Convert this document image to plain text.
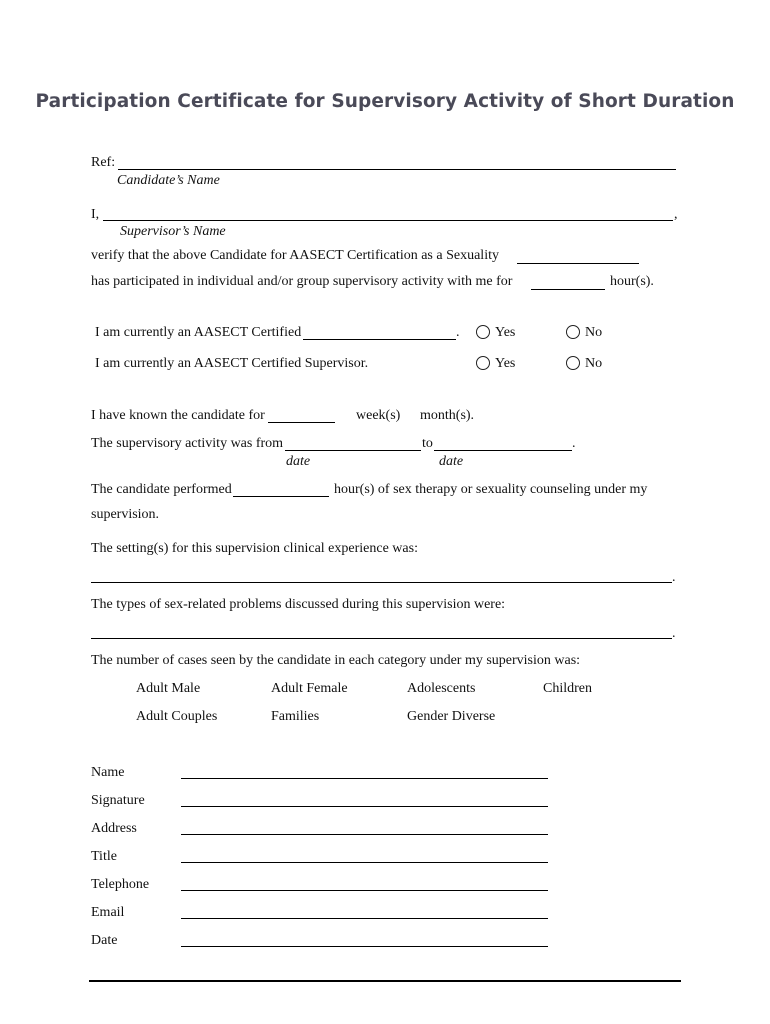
Participation Certificate for Supervisory Activity of Short Duration
Ref:
Candidate’s Name
I,	,
Supervisor’s Name
verify that the above Candidate for AASECT Certification as a Sexuality
has participated in individual and/or group supervisory activity with me for	hour(s).
I am currently an AASECT Certified	.	Yes	No
I am currently an AASECT Certified Supervisor.	Yes	No
I have known the candidate for	week(s) month(s).
The supervisory activity was from	to	.
date	date
The candidate performed	hour(s) of sex therapy or sexuality counseling under my
supervision.
The setting(s) for this supervision clinical experience was:
.
The types of sex-related problems discussed during this supervision were:
.
The number of cases seen by the candidate in each category under my supervision was:
Adult Male	Adult Female	Adolescents	Children
Adult Couples	Families	Gender Diverse
Name
Signature
Address
Title
Telephone
Email
Date
